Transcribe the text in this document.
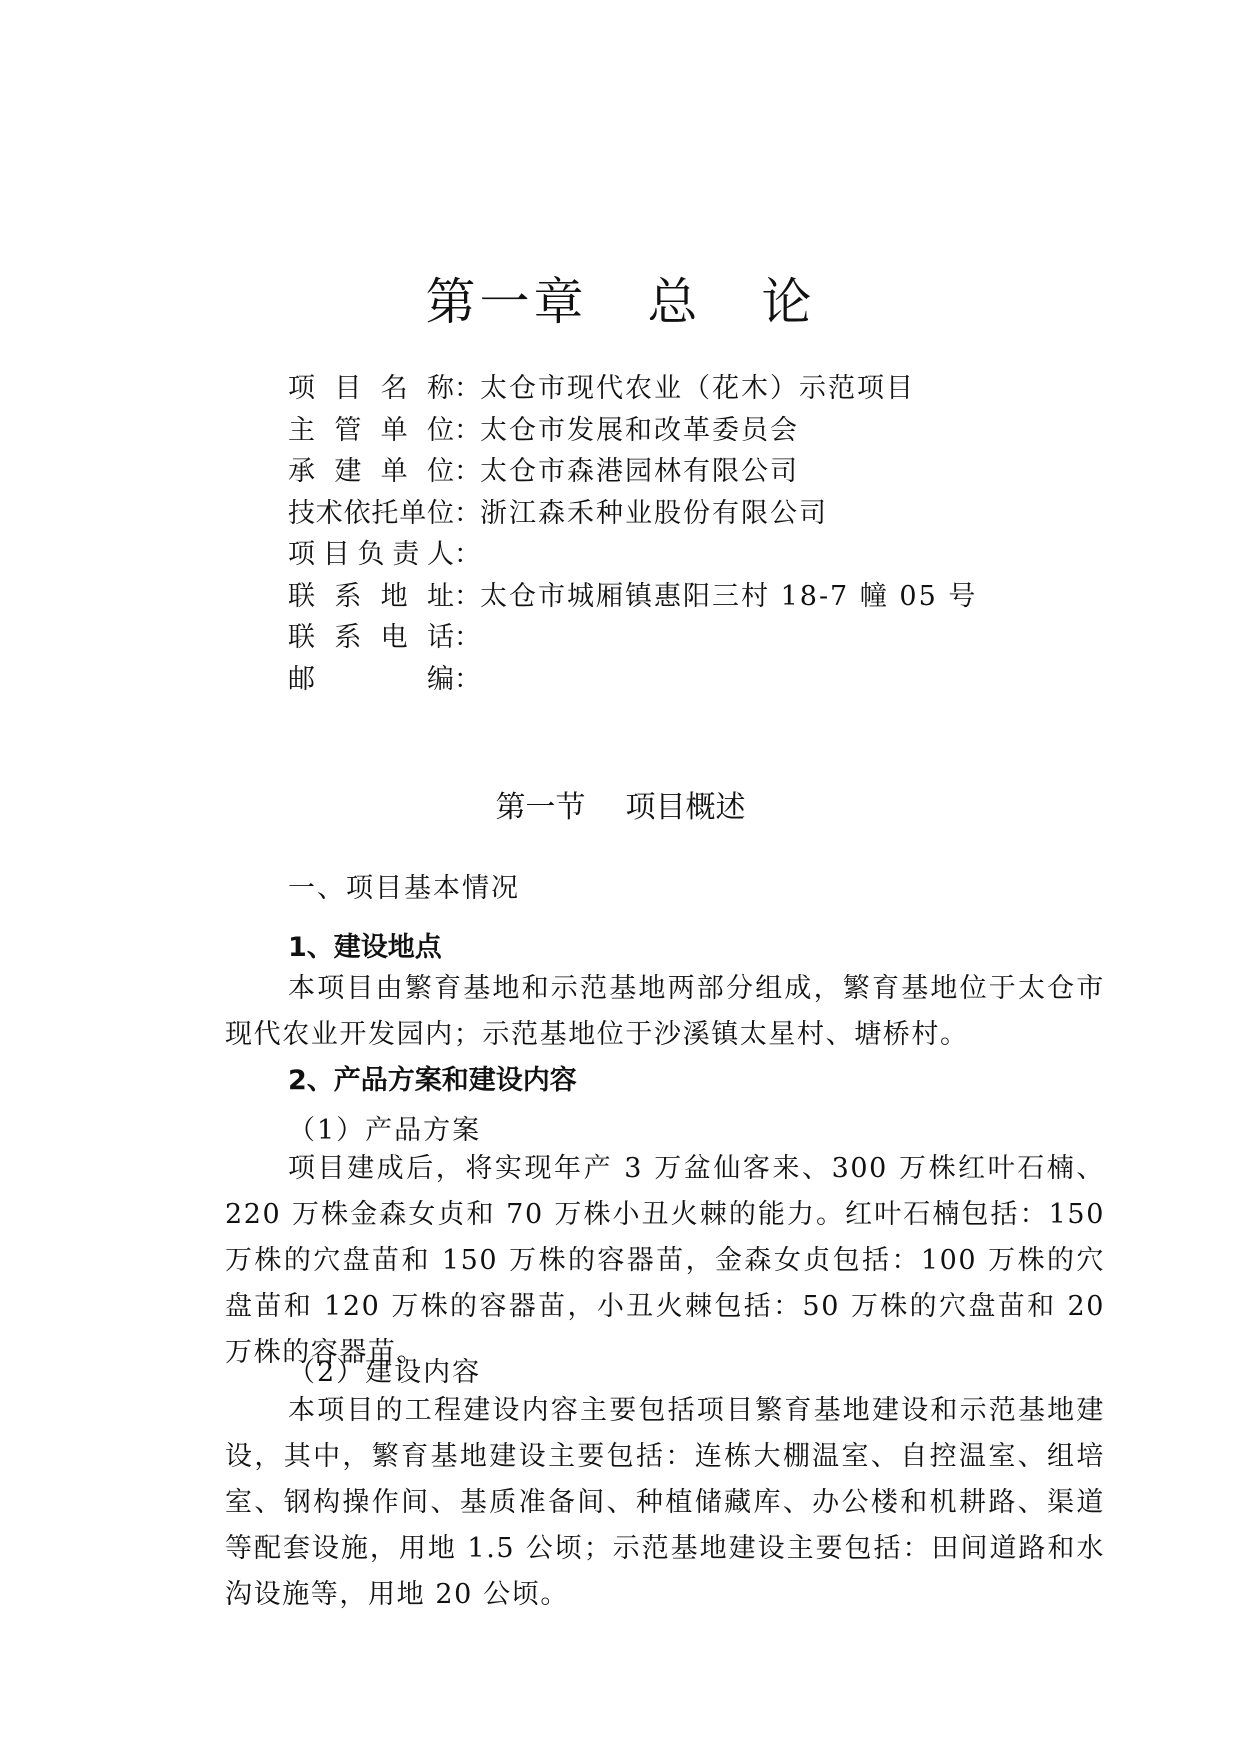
第一章 总 论
项目名称 ： 太仓市现代农业（花木）示范项目
主管单位 ： 太仓市发展和改革委员会
承建单位 ： 太仓市森港园林有限公司
技术依托单位 ： 浙江森禾种业股份有限公司
项目负责人 ：
联系地址 ： 太仓市城厢镇惠阳三村 18-7 幢 05 号
联系电话 ：
邮编 ：
第一节 项目概述
一、项目基本情况
1、建设地点

本项目由繁育基地和示范基地两部分组成，繁育基地位于太仓市现代农业开发园内；示范基地位于沙溪镇太星村、塘桥村。

2、产品方案和建设内容
（1）产品方案

项目建成后，将实现年产 3 万盆仙客来、300 万株红叶石楠、220 万株金森女贞和 70 万株小丑火棘的能力。红叶石楠包括：150 万株的穴盘苗和 150 万株的容器苗，金森女贞包括：100 万株的穴盘苗和 120 万株的容器苗，小丑火棘包括：50 万株的穴盘苗和 20 万株的容器苗。

（2）建设内容

本项目的工程建设内容主要包括项目繁育基地建设和示范基地建设，其中，繁育基地建设主要包括：连栋大棚温室、自控温室、组培室、钢构操作间、基质准备间、种植储藏库、办公楼和机耕路、渠道等配套设施，用地 1.5 公顷；示范基地建设主要包括：田间道路和水沟设施等，用地 20 公顷。
